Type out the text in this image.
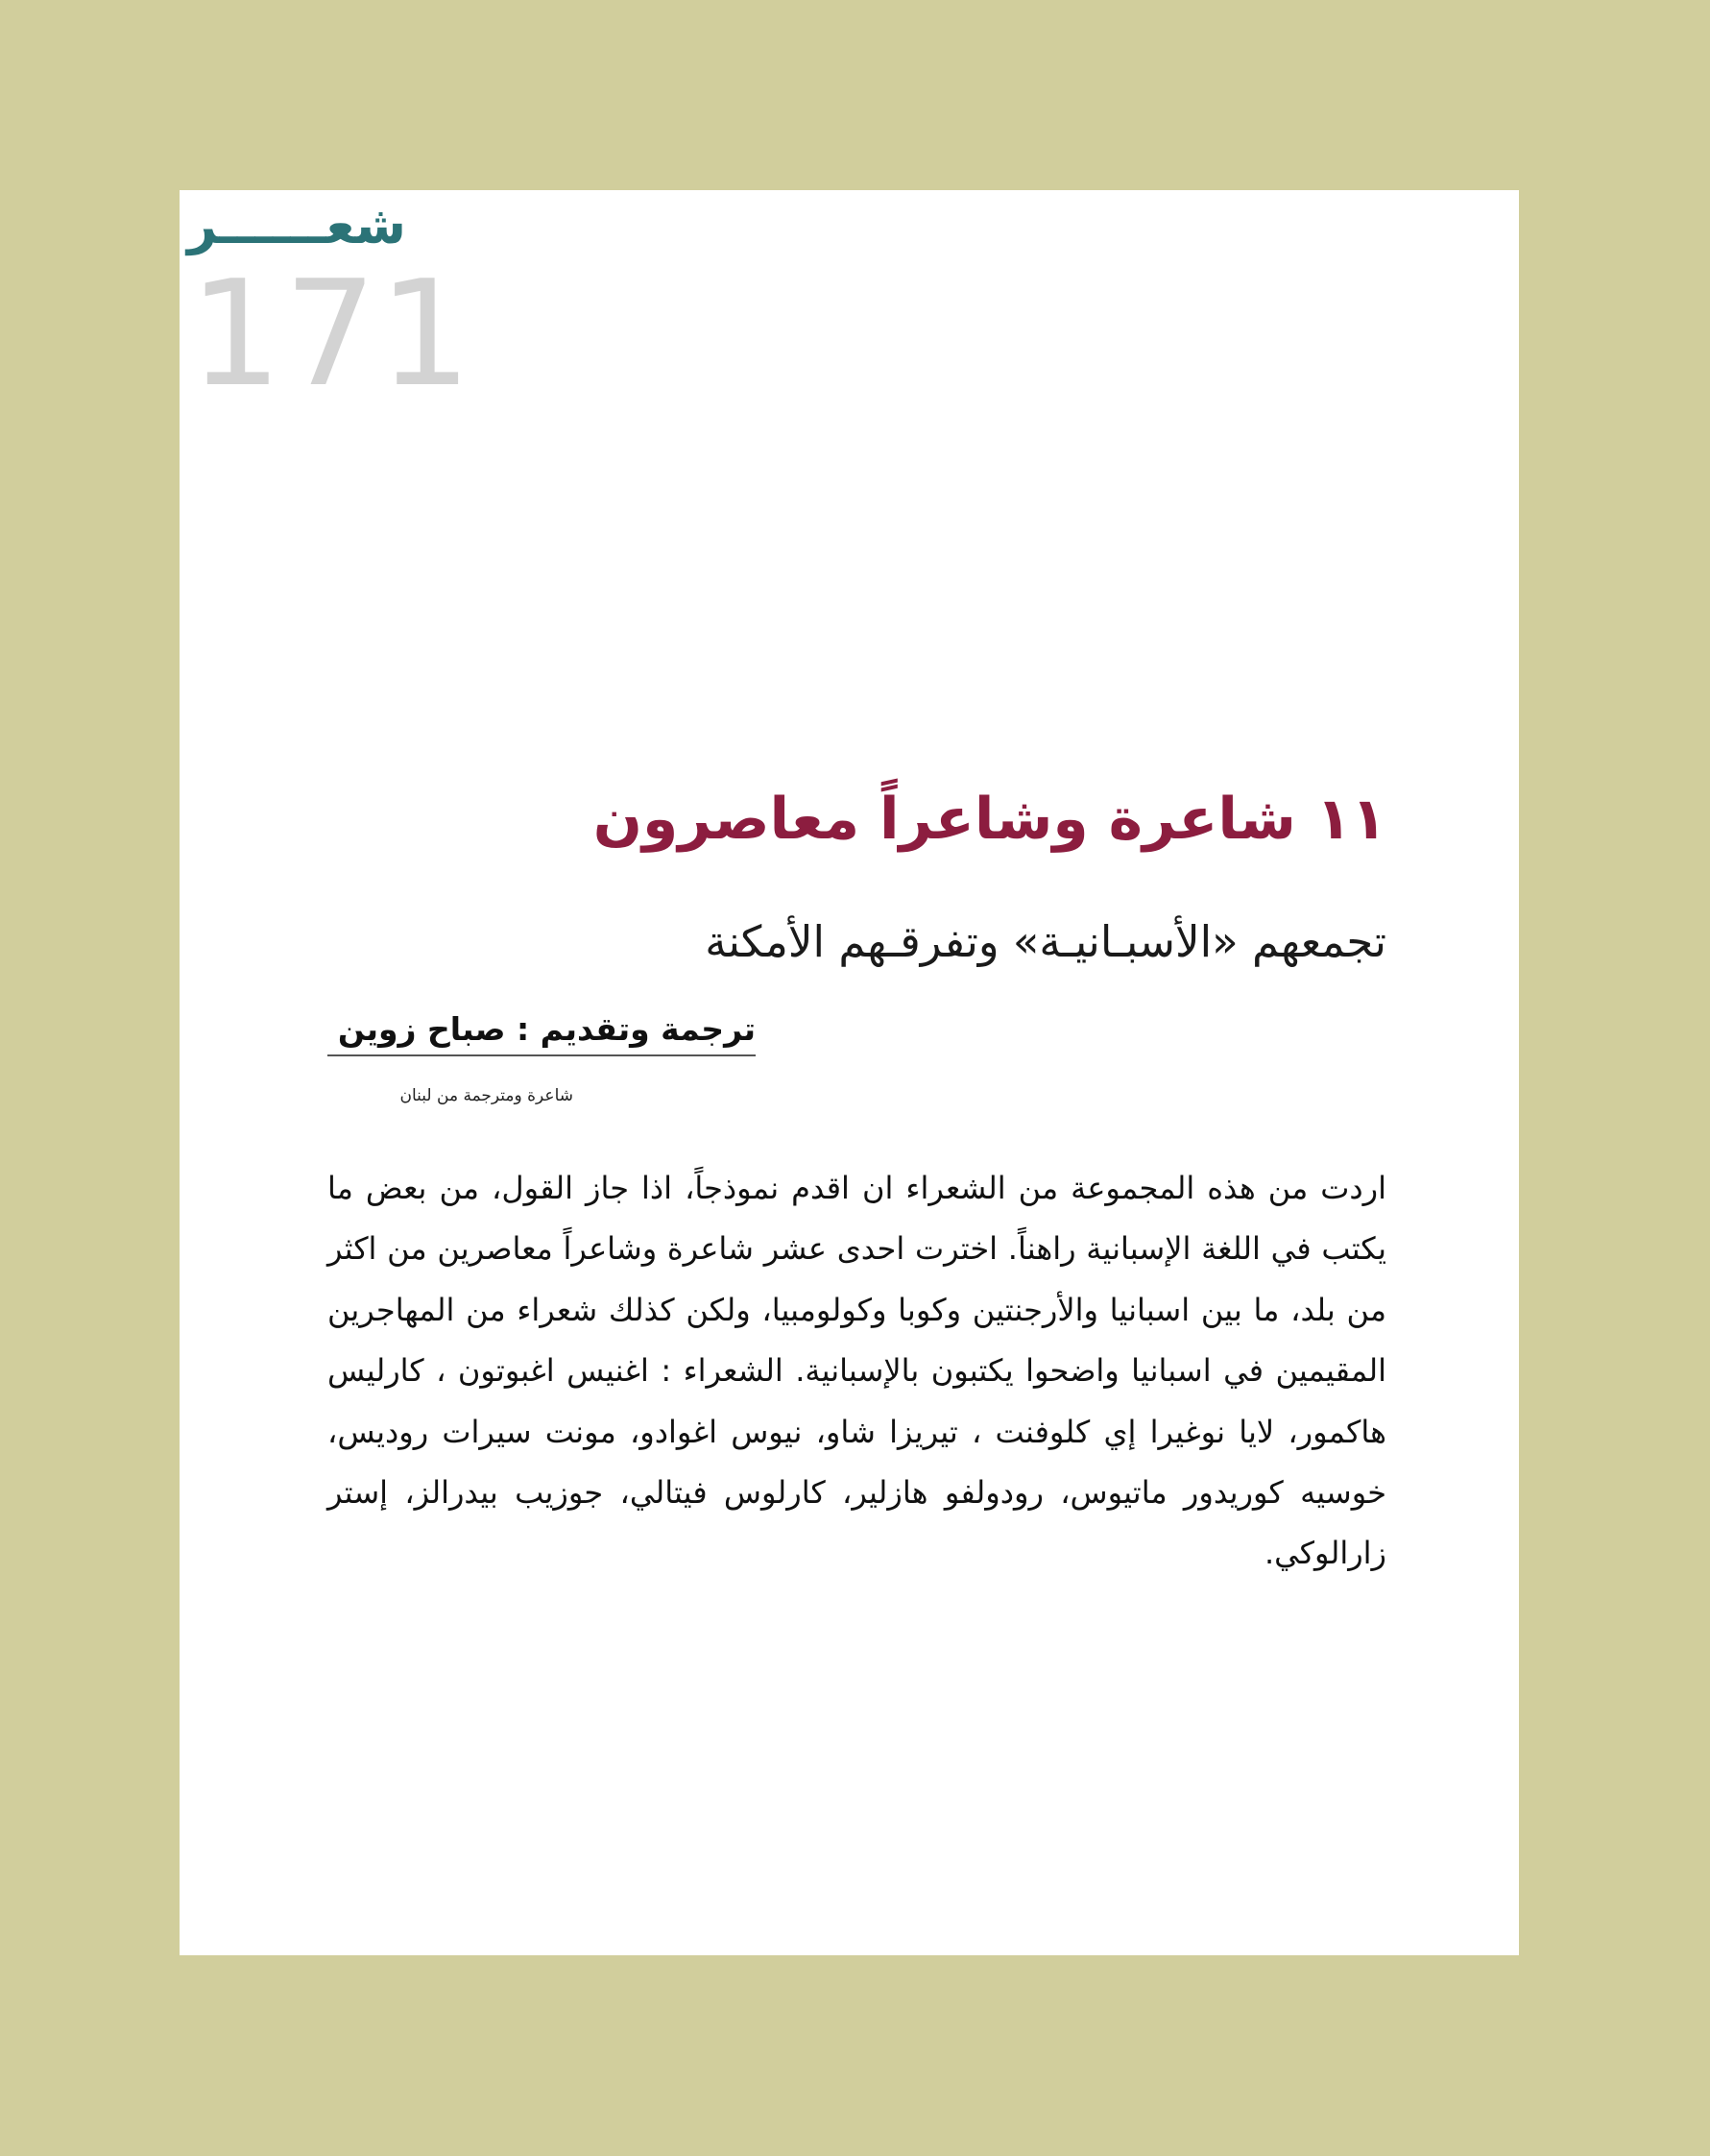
شعــــــر
171
١١ شاعرة وشاعراً معاصرون
تجمعهم «الأسبـانيـة» وتفرقـهم الأمكنة
ترجمة وتقديم : صباح زوين
شاعرة ومترجمة من لبنان

اردت من هذه المجموعة من الشعراء ان اقدم نموذجاً، اذا جاز القول، من بعض ما يكتب في اللغة الإسبانية راهناً. اخترت احدى عشر شاعرة وشاعراً معاصرين من اكثر من بلد، ما بين اسبانيا والأرجنتين وكوبا وكولومبيا، ولكن كذلك شعراء من المهاجرين المقيمين في اسبانيا واضحوا يكتبون بالإسبانية. الشعراء : اغنيس اغبوتون ، كارليس هاكمور، لايا نوغيرا إي كلوفنت ، تيريزا شاو، نيوس اغوادو، مونت سيرات روديس، خوسيه كوريدور ماتيوس، رودولفو هازلير، كارلوس فيتالي، جوزيب بيدرالز، إستر زارالوكي.
